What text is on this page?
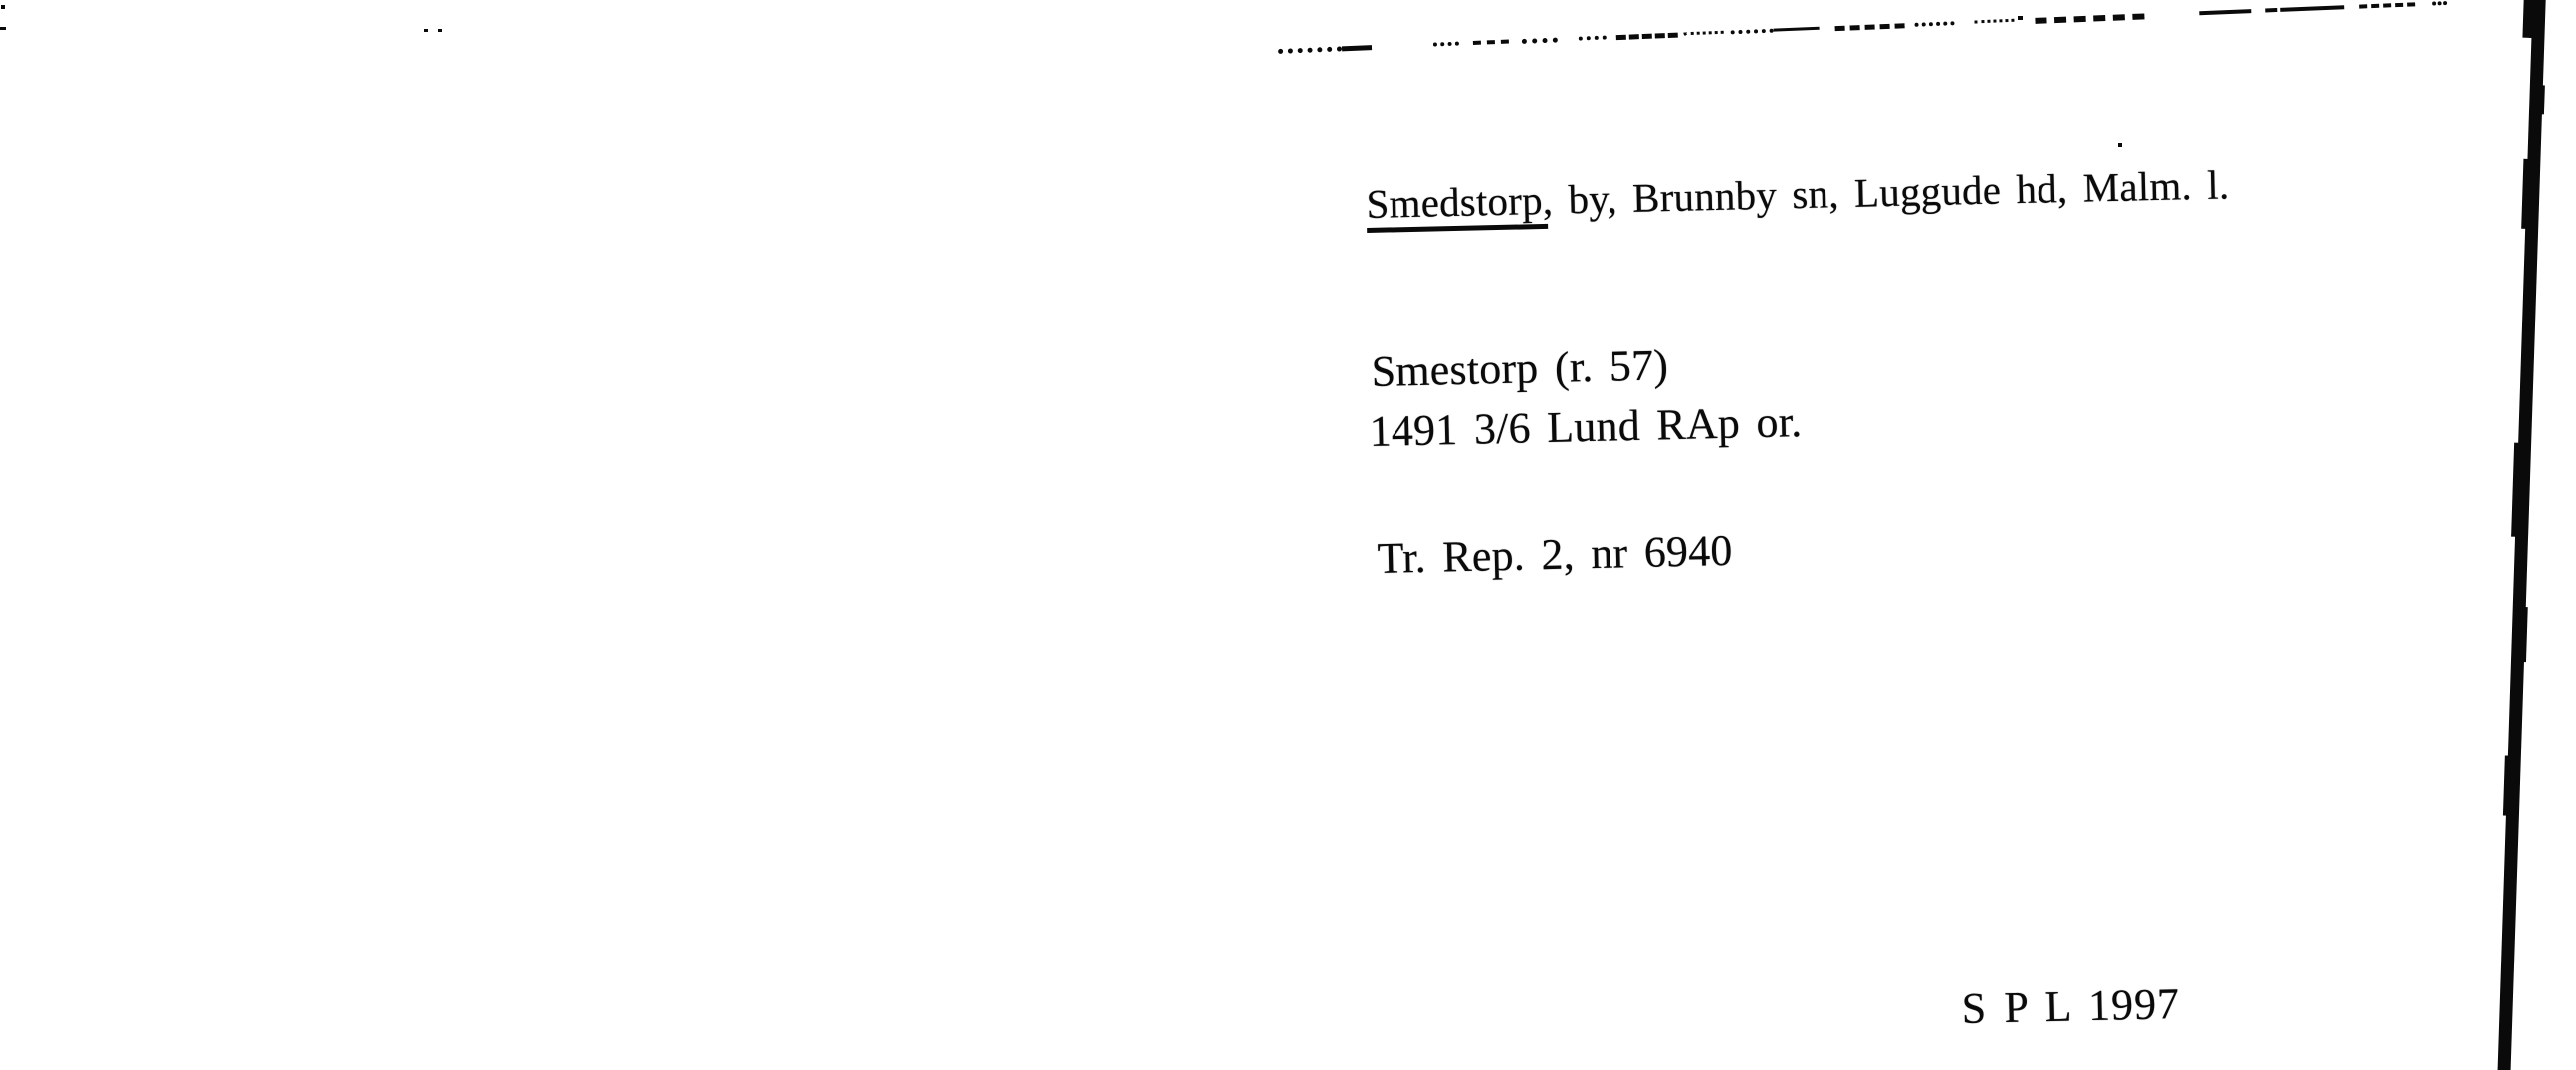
Smedstorp, by, Brunnby sn, Luggude hd, Malm. l.
Smestorp (r. 57)
1491 3/6 Lund RAp or.
Tr. Rep. 2, nr 6940
S P L 1997
